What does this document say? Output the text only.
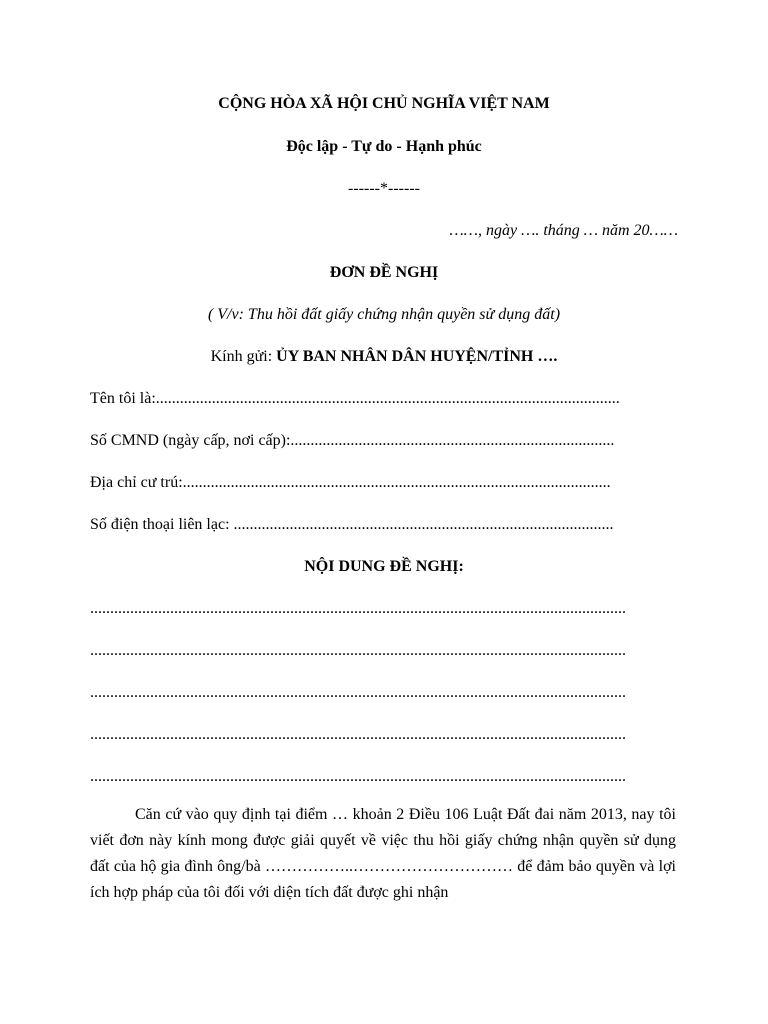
CỘNG HÒA XÃ HỘI CHỦ NGHĨA VIỆT NAM
Độc lập - Tự do - Hạnh phúc
------*------
……, ngày …. tháng … năm 20……
ĐƠN ĐỀ NGHỊ
( V/v: Thu hồi đất giấy chứng nhận quyền sử dụng đất)
Kính gửi: ỦY BAN NHÂN DÂN HUYỆN/TỈNH ….
Tên tôi là:....................................................................................................................
Số CMND (ngày cấp, nơi cấp):.................................................................................
Địa chỉ cư trú:...........................................................................................................
Số điện thoại liên lạc: ...............................................................................................
NỘI DUNG ĐỀ NGHỊ:
......................................................................................................................................
......................................................................................................................................
......................................................................................................................................
......................................................................................................................................
......................................................................................................................................
Căn cứ vào quy định tại điểm … khoản 2 Điều 106 Luật Đất đai năm 2013, nay tôi viết đơn này kính mong được giải quyết về việc thu hồi giấy chứng nhận quyền sử dụng đất của hộ gia đình ông/bà ……………..………………………… để đảm bảo quyền và lợi ích hợp pháp của tôi đối với diện tích đất được ghi nhận
